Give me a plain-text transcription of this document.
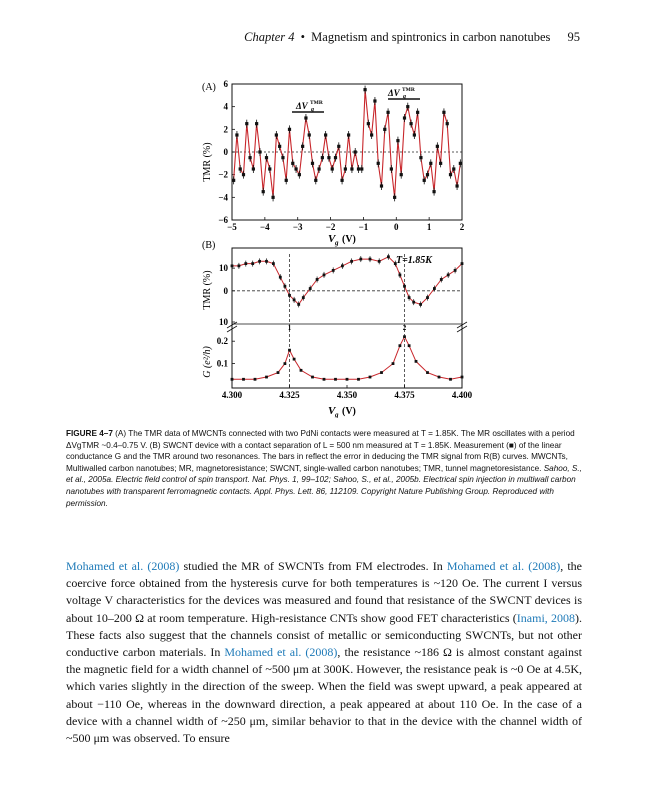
Chapter 4 • Magnetism and spintronics in carbon nanotubes 95
(A) 6
4
2
0
−2
−4
−6
−5	−4	−3	−2	−1	0	1	2
TMR (%)
V g (V)
ΔV g
TMR
ΔV g
TMR
(B)
1	2
10
0
10
0.2
0.1
4.300	4.325	4.350	4.375	4.400
T=1.85K
TMR (%)
G (e²/h)
V g (V)
FIGURE 4–7 (A) The TMR data of MWCNTs connected with two PdNi contacts were measured at T = 1.85K. The MR oscillates with a period ΔVgTMR ~0.4–0.75 V. (B) SWCNT device with a contact separation of L = 500 nm measured at T = 1.85K. Measurement (■) of the linear conductance G and the TMR around two resonances. The bars in reflect the error in deducing the TMR signal from R(B) curves. MWCNTs, Multiwalled carbon nanotubes; MR, magnetoresistance; SWCNT, single-walled carbon nanotubes; TMR, tunnel magnetoresistance. Sahoo, S., et al., 2005a. Electric field control of spin transport. Nat. Phys. 1, 99–102; Sahoo, S., et al., 2005b. Electrical spin injection in multiwall carbon nanotubes with transparent ferromagnetic contacts. Appl. Phys. Lett. 86, 112109. Copyright Nature Publishing Group. Reproduced with permission.
Mohamed et al. (2008) studied the MR of SWCNTs from FM electrodes. In Mohamed et al. (2008), the coercive force obtained from the hysteresis curve for both temperatures is ~120 Oe. The current I versus voltage V characteristics for the devices was measured and found that resistance of the SWCNT devices is about 10–200 Ω at room temperature. High-resistance CNTs show good FET characteristics (Inami, 2008). These facts also suggest that the channels consist of metallic or semiconducting SWCNTs, but not other conductive carbon materials. In Mohamed et al. (2008), the resistance ~186 Ω is almost constant against the magnetic field for a width channel of ~500 μm at 300K. However, the resistance peak is ~0 Oe at 4.5K, which varies slightly in the direction of the sweep. When the field was swept upward, a peak appeared at about −110 Oe, whereas in the downward direction, a peak appeared at about 110 Oe. In the case of a device with a channel width of ~250 μm, similar behavior to that in the device with the channel width of ~500 μm was observed. To ensure
